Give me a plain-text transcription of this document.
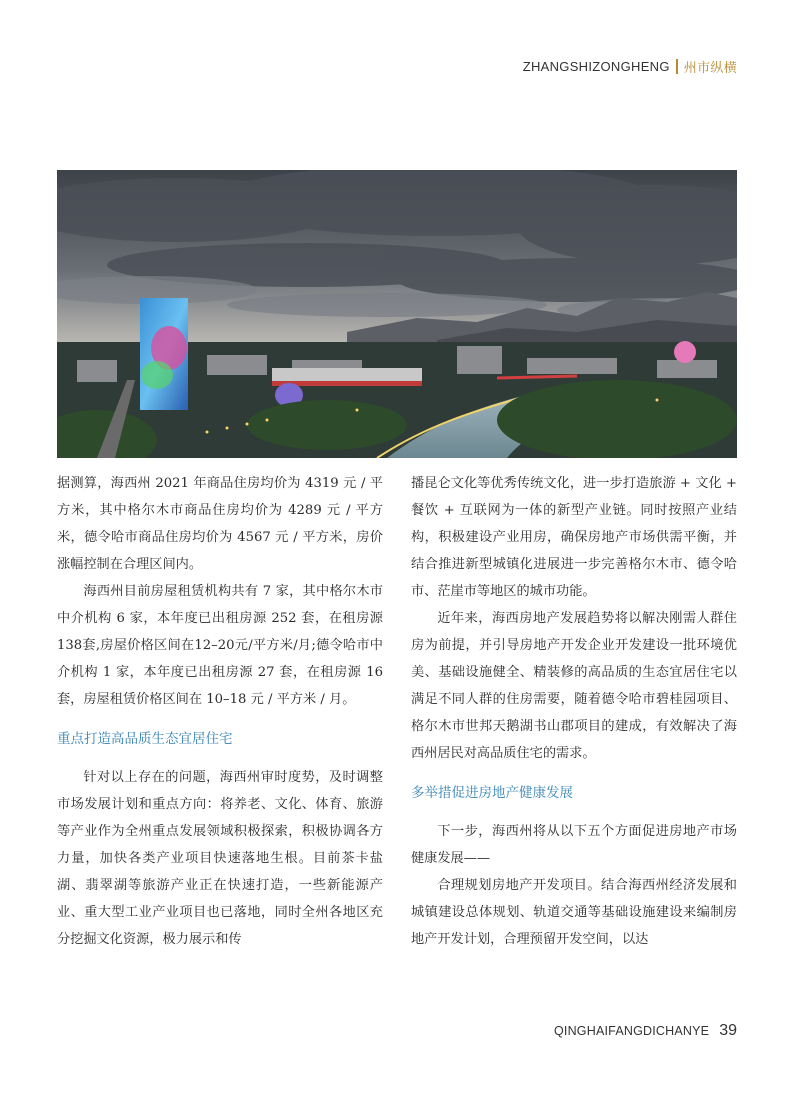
ZHANGSHIZONGHENG 州市纵横

据测算，海西州 2021 年商品住房均价为 4319 元 / 平方米，其中格尔木市商品住房均价为 4289 元 / 平方米，德令哈市商品住房均价为 4567 元 / 平方米，房价涨幅控制在合理区间内。

海西州目前房屋租赁机构共有 7 家，其中格尔木市中介机构 6 家，本年度已出租房源 252 套，在租房源138套,房屋价格区间在12–20元/平方米/月;德令哈市中介机构 1 家，本年度已出租房源 27 套，在租房源 16 套，房屋租赁价格区间在 10–18 元 / 平方米 / 月。

重点打造高品质生态宜居住宅

针对以上存在的问题，海西州审时度势，及时调整市场发展计划和重点方向：将养老、文化、体育、旅游等产业作为全州重点发展领域积极探索，积极协调各方力量，加快各类产业项目快速落地生根。目前茶卡盐湖、翡翠湖等旅游产业正在快速打造，一些新能源产业、重大型工业产业项目也已落地，同时全州各地区充分挖掘文化资源，极力展示和传

播昆仑文化等优秀传统文化，进一步打造旅游 + 文化 + 餐饮 + 互联网为一体的新型产业链。同时按照产业结构，积极建设产业用房，确保房地产市场供需平衡，并结合推进新型城镇化进展进一步完善格尔木市、德令哈市、茫崖市等地区的城市功能。

近年来，海西房地产发展趋势将以解决刚需人群住房为前提，并引导房地产开发企业开发建设一批环境优美、基础设施健全、精装修的高品质的生态宜居住宅以满足不同人群的住房需要，随着德令哈市碧桂园项目、格尔木市世邦天鹅湖书山郡项目的建成，有效解决了海西州居民对高品质住宅的需求。

多举措促进房地产健康发展

下一步，海西州将从以下五个方面促进房地产市场健康发展——

合理规划房地产开发项目。结合海西州经济发展和城镇建设总体规划、轨道交通等基础设施建设来编制房地产开发计划，合理预留开发空间，以达

QINGHAIFANGDICHANYE 39
